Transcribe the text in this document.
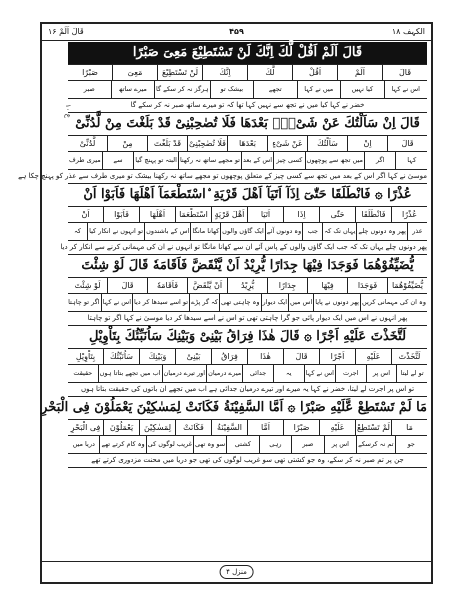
قَالَ اَلَمْ ۱۶	۴۵۹	الکہف ۱۸
ع ۱۰
قَالَ اَلَمْ اَقُلْ لَّكَ اِنَّكَ لَنْ تَسْتَطِيْعَ مَعِىَ صَبْرًا
قَالَ
اَلَمْ
اَقُلْ
لَّكَ
اِنَّكَ
لَنْ تَسْتَطِيْعَ
مَعِىَ
صَبْرًا
اس نے کہا
کیا نہیں
میں نے کہا
تجھے
بیشک تو
ہرگز نہ کر سکے گا
میرے ساتھ
صبر
خضر نے کہا کیا میں نے تجھ سے نہیں کہا تھا کہ تو میرے ساتھ صبر نہ کر سکے گا
قَالَ اِنْ سَاَلْتُكَ عَنْ شَىْءٍۭ بَعْدَهَا فَلَا تُصٰحِبْنِىْ قَدْ بَلَغْتَ مِنْ لَّدُنِّىْ
قَالَ
اِنْ
سَاَلْتُكَ
عَنْ شَىْءٍ
بَعْدَهَا
فَلَا تُصٰحِبْنِىْ
قَدْ بَلَغْتَ
مِنْ
لَّدُنِّىْ
کہا
اگر
میں تجھ سے پوچھوں
کسی چیز
اس کے بعد
تو مجھے ساتھ نہ رکھنا
البتہ تو پہنچ گیا
سے
میری طرف
موسیٰ نے کہا اگر اس کے بعد میں تجھ سے کسی چیز کے متعلق پوچھوں تو مجھے ساتھ نہ رکھنا بیشک تو میری طرف سے عذر کو پہنچ چکا ہے
عُذْرًا ۞ فَانْطَلَقَا حَتّٰىٓ اِذَآ اَتَيَآ اَهْلَ قَرْيَةِ ۨاسْتَطْعَمَآ اَهْلَهَا فَاَبَوْا اَنْ
عُذْرًا
فَانْطَلَقَا
حَتّٰى
اِذَا
اَتَيَا
اَهْلَ قَرْيَةٍ
اسْتَطْعَمَا
اَهْلَهَا
فَاَبَوْا
اَنْ
عذر
پھر وہ دونوں چلے
یہاں تک کہ
جب
وہ دونوں آئے
ایک گاؤں والوں
کھانا مانگا
اس کے باشندوں
تو انہوں نے انکار کیا
کہ
پھر دونوں چلے یہاں تک کہ جب ایک گاؤں والوں کے پاس آئے ان سے کھانا مانگا تو انہوں نے ان کی مہمانی کرنے سے انکار کر دیا
يُّضَيِّفُوْهُمَا فَوَجَدَا فِيْهَا جِدَارًا يُّرِيْدُ اَنْ يَّنْقَضَّ فَاَقَامَهٗ قَالَ لَوْ شِئْتَ
يُّضَيِّفُوْهُمَا
فَوَجَدَا
فِيْهَا
جِدَارًا
يُّرِيْدُ
اَنْ يَّنْقَضَّ
فَاَقَامَهٗ
قَالَ
لَوْ شِئْتَ
وہ ان کی مہمانی کریں
پھر دونوں نے پایا
اس میں
ایک دیوار
وہ چاہتی تھی
کہ گر پڑے
تو اسے سیدھا کر دیا
اس نے کہا
اگر تو چاہتا
پھر انہوں نے اس میں ایک دیوار پائی جو گرا چاہتی تھی تو اس نے اسے سیدھا کر دیا موسیٰ نے کہا اگر تو چاہتا
لَتَّخَذْتَ عَلَيْهِ اَجْرًا ۞ قَالَ هٰذَا فِرَاقُ بَيْنِىْ وَبَيْنِكَ سَاُنَبِّئُكَ بِتَاْوِيْلِ
لَتَّخَذْتَ
عَلَيْهِ
اَجْرًا
قَالَ
هٰذَا
فِرَاقُ
بَيْنِىْ
وَبَيْنِكَ
سَاُنَبِّئُكَ
بِتَاْوِيْلِ
تو لے لیتا
اس پر
اجرت
اس نے کہا
یہ
جدائی
میرے درمیان
اور تیرے درمیان
اب میں تجھے بتاتا ہوں
حقیقت
تو اس پر اجرت لے لیتا، خضر نے کہا یہ میرے اور تیرے درمیان جدائی ہے اب میں تجھے ان باتوں کی حقیقت بتاتا ہوں
مَا لَمْ تَسْتَطِعْ عَّلَيْهِ صَبْرًا ۞ اَمَّا السَّفِيْنَةُ فَكَانَتْ لِمَسٰكِيْنَ يَعْمَلُوْنَ فِى الْبَحْرِ
مَا
لَمْ تَسْتَطِعْ
عَلَيْهِ
صَبْرًا
اَمَّا
السَّفِيْنَةُ
فَكَانَتْ
لِمَسٰكِيْنَ
يَعْمَلُوْنَ
فِى الْبَحْرِ
جو
تم نہ کرسکے
اس پر
صبر
رہی
کشتی
سو وہ تھی
غریب لوگوں کی
وہ کام کرتے تھے
دریا میں
جن پر تم صبر نہ کر سکے، وہ جو کشتی تھی سو غریب لوگوں کی تھی جو دریا میں محنت مزدوری کرتے تھے
منزل ۴
